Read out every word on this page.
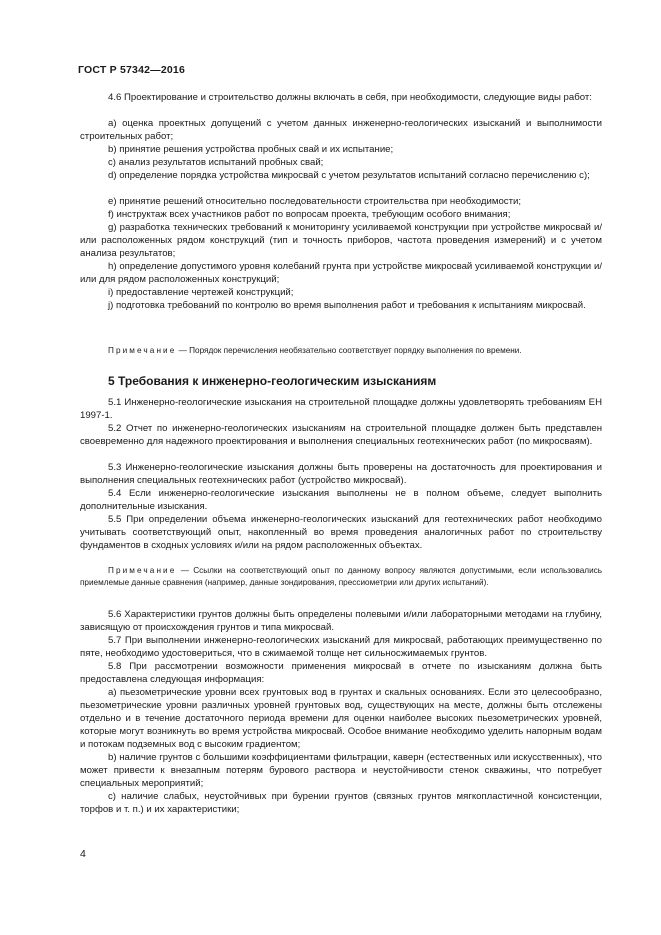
ГОСТ Р 57342—2016
4.6 Проектирование и строительство должны включать в себя, при необходимости, следующие виды работ:
a) оценка проектных допущений с учетом данных инженерно-геологических изысканий и выполнимости строительных работ;
b) принятие решения устройства пробных свай и их испытание;
c) анализ результатов испытаний пробных свай;
d) определение порядка устройства микросвай с учетом результатов испытаний согласно перечислению с);
e) принятие решений относительно последовательности строительства при необходимости;
f) инструктаж всех участников работ по вопросам проекта, требующим особого внимания;
g) разработка технических требований к мониторингу усиливаемой конструкции при устройстве микросвай и/или расположенных рядом конструкций (тип и точность приборов, частота проведения измерений) и с учетом анализа результатов;
h) определение допустимого уровня колебаний грунта при устройстве микросвай усиливаемой конструкции и/или для рядом расположенных конструкций;
i) предоставление чертежей конструкций;
j) подготовка требований по контролю во время выполнения работ и требования к испытаниям микросвай.
Примечание — Порядок перечисления необязательно соответствует порядку выполнения по времени.
5 Требования к инженерно-геологическим изысканиям
5.1 Инженерно-геологические изыскания на строительной площадке должны удовлетворять требованиям ЕН 1997-1.
5.2 Отчет по инженерно-геологических изысканиям на строительной площадке должен быть представлен своевременно для надежного проектирования и выполнения специальных геотехнических работ (по микросваям).
5.3 Инженерно-геологические изыскания должны быть проверены на достаточность для проектирования и выполнения специальных геотехнических работ (устройство микросвай).
5.4 Если инженерно-геологические изыскания выполнены не в полном объеме, следует выполнить дополнительные изыскания.
5.5 При определении объема инженерно-геологических изысканий для геотехнических работ необходимо учитывать соответствующий опыт, накопленный во время проведения аналогичных работ по строительству фундаментов в сходных условиях и/или на рядом расположенных объектах.
Примечание — Ссылки на соответствующий опыт по данному вопросу являются допустимыми, если использовались приемлемые данные сравнения (например, данные зондирования, прессиометрии или других испытаний).
5.6 Характеристики грунтов должны быть определены полевыми и/или лабораторными методами на глубину, зависящую от происхождения грунтов и типа микросвай.
5.7 При выполнении инженерно-геологических изысканий для микросвай, работающих преимущественно по пяте, необходимо удостовериться, что в сжимаемой толще нет сильносжимаемых грунтов.
5.8 При рассмотрении возможности применения микросвай в отчете по изысканиям должна быть предоставлена следующая информация:
a) пьезометрические уровни всех грунтовых вод в грунтах и скальных основаниях. Если это целесообразно, пьезометрические уровни различных уровней грунтовых вод, существующих на месте, должны быть отслежены отдельно и в течение достаточного периода времени для оценки наиболее высоких пьезометрических уровней, которые могут возникнуть во время устройства микросвай. Особое внимание необходимо уделить напорным водам и потокам подземных вод с высоким градиентом;
b) наличие грунтов с большими коэффициентами фильтрации, каверн (естественных или искусственных), что может привести к внезапным потерям бурового раствора и неустойчивости стенок скважины, что потребует специальных мероприятий;
c) наличие слабых, неустойчивых при бурении грунтов (связных грунтов мягкопластичной консистенции, торфов и т. п.) и их характеристики;
4
